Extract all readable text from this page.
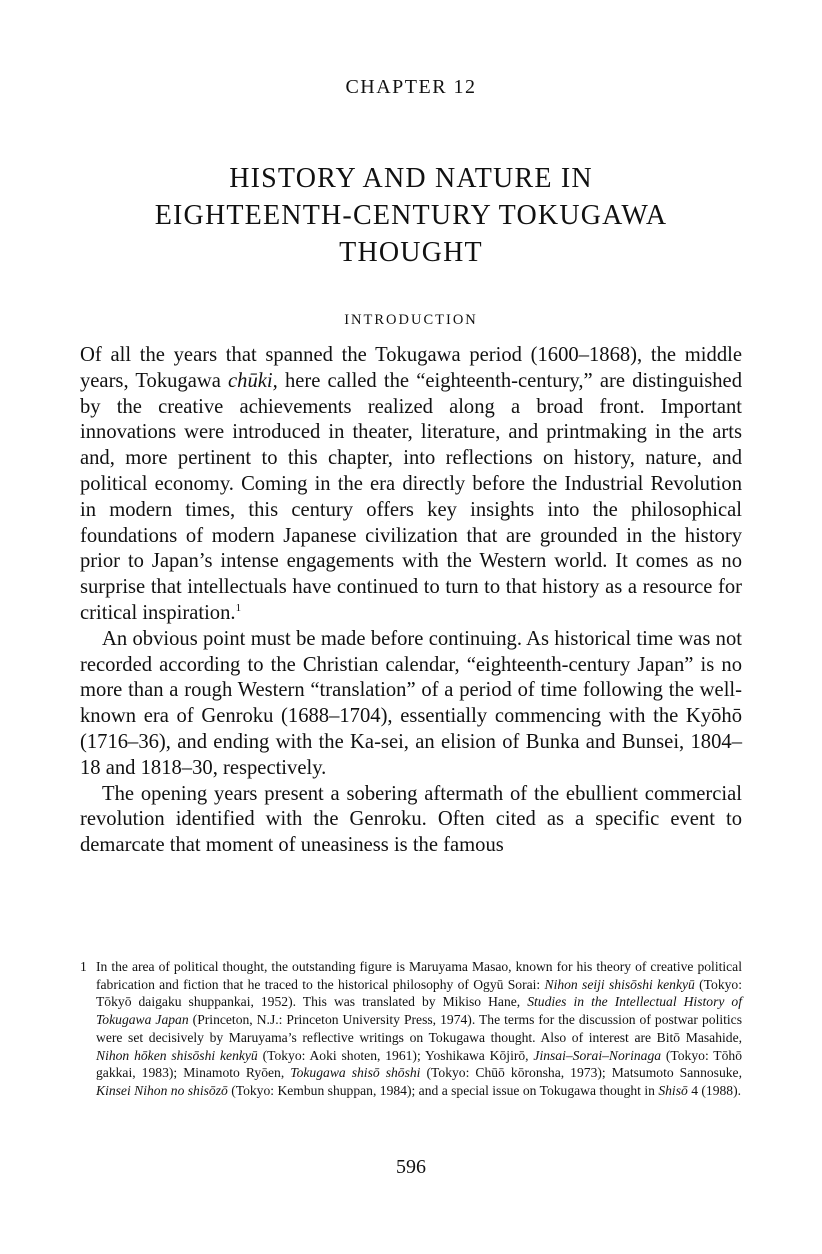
CHAPTER 12
HISTORY AND NATURE IN
EIGHTEENTH-CENTURY TOKUGAWA
THOUGHT
INTRODUCTION

Of all the years that spanned the Tokugawa period (1600–1868), the middle years, Tokugawa chūki, here called the “eighteenth-century,” are distinguished by the creative achievements realized along a broad front. Important innovations were introduced in theater, literature, and printmaking in the arts and, more pertinent to this chapter, into reflections on history, nature, and political economy. Coming in the era directly before the Industrial Revolution in modern times, this century offers key insights into the philosophical foundations of modern Japanese civilization that are grounded in the history prior to Japan’s intense engagements with the Western world. It comes as no surprise that intellectuals have continued to turn to that history as a resource for critical inspiration.$^1$

An obvious point must be made before continuing. As historical time was not recorded according to the Christian calendar, “eighteenth-century Japan” is no more than a rough Western “translation” of a period of time following the well-known era of Genroku (1688–1704), essentially commencing with the Kyōhō (1716–36), and ending with the Ka-sei, an elision of Bunka and Bunsei, 1804–18 and 1818–30, respectively.

The opening years present a sobering aftermath of the ebullient commercial revolution identified with the Genroku. Often cited as a specific event to demarcate that moment of uneasiness is the famous

1 In the area of political thought, the outstanding figure is Maruyama Masao, known for his theory of creative political fabrication and fiction that he traced to the historical philosophy of Ogyū Sorai: Nihon seiji shisōshi kenkyū (Tokyo: Tōkyō daigaku shuppankai, 1952). This was translated by Mikiso Hane, Studies in the Intellectual History of Tokugawa Japan (Princeton, N.J.: Princeton University Press, 1974). The terms for the discussion of postwar politics were set decisively by Maruyama’s reflective writings on Tokugawa thought. Also of interest are Bitō Masahide, Nihon hōken shisōshi kenkyū (Tokyo: Aoki shoten, 1961); Yoshikawa Kōjirō, Jinsai–Sorai–Norinaga (Tokyo: Tōhō gakkai, 1983); Minamoto Ryōen, Tokugawa shisō shōshi (Tokyo: Chūō kōronsha, 1973); Matsumoto Sannosuke, Kinsei Nihon no shisōzō (Tokyo: Kembun shuppan, 1984); and a special issue on Tokugawa thought in Shisō 4 (1988).
596
